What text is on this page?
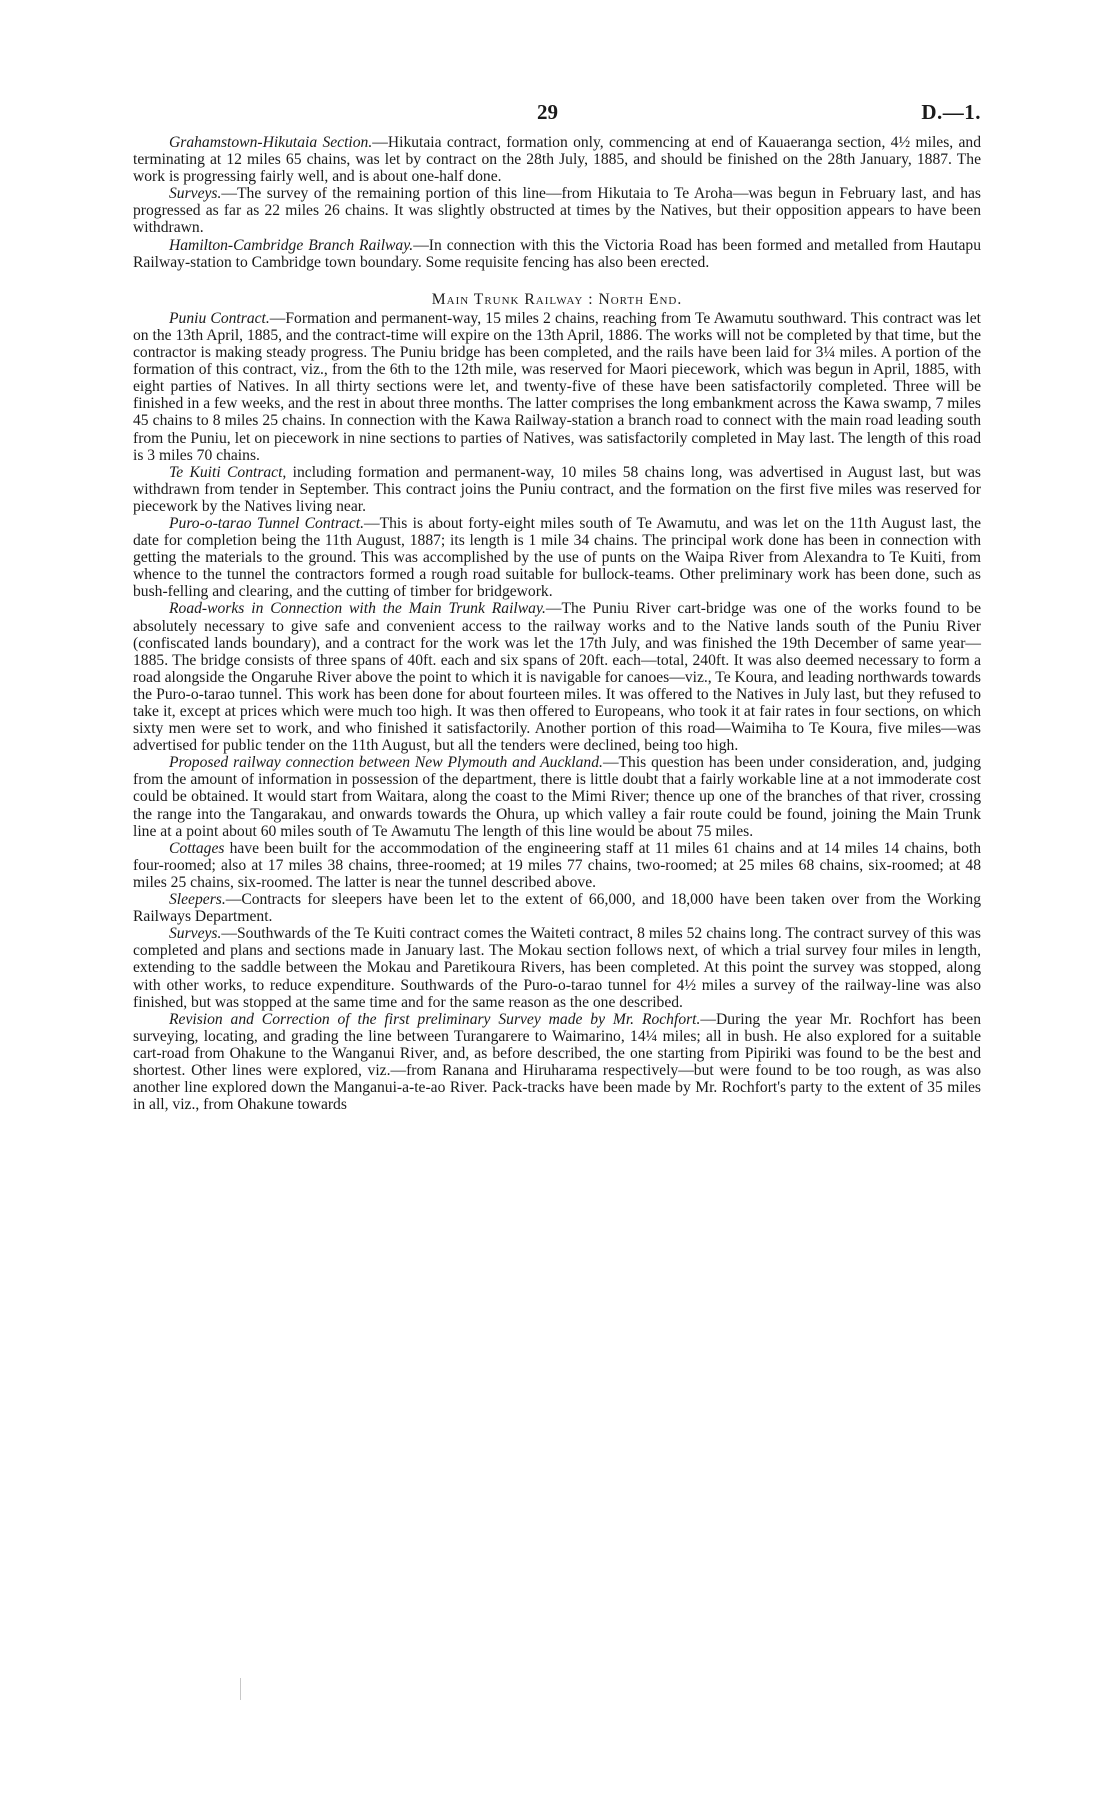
29	D.—1.

Grahamstown-Hikutaia Section.—Hikutaia contract, formation only, commencing at end of Kauaeranga section, 4½ miles, and terminating at 12 miles 65 chains, was let by contract on the 28th July, 1885, and should be finished on the 28th January, 1887. The work is progressing fairly well, and is about one-half done.

Surveys.—The survey of the remaining portion of this line—from Hikutaia to Te Aroha—was begun in February last, and has progressed as far as 22 miles 26 chains. It was slightly obstructed at times by the Natives, but their opposition appears to have been withdrawn.

Hamilton-Cambridge Branch Railway.—In connection with this the Victoria Road has been formed and metalled from Hautapu Railway-station to Cambridge town boundary. Some requisite fencing has also been erected.

Main Trunk Railway : North End.

Puniu Contract.—Formation and permanent-way, 15 miles 2 chains, reaching from Te Awamutu southward. This contract was let on the 13th April, 1885, and the contract-time will expire on the 13th April, 1886. The works will not be completed by that time, but the contractor is making steady progress. The Puniu bridge has been completed, and the rails have been laid for 3¼ miles. A portion of the formation of this contract, viz., from the 6th to the 12th mile, was reserved for Maori piecework, which was begun in April, 1885, with eight parties of Natives. In all thirty sections were let, and twenty-five of these have been satisfactorily completed. Three will be finished in a few weeks, and the rest in about three months. The latter comprises the long embankment across the Kawa swamp, 7 miles 45 chains to 8 miles 25 chains. In connection with the Kawa Railway-station a branch road to connect with the main road leading south from the Puniu, let on piecework in nine sections to parties of Natives, was satisfactorily completed in May last. The length of this road is 3 miles 70 chains.

Te Kuiti Contract, including formation and permanent-way, 10 miles 58 chains long, was advertised in August last, but was withdrawn from tender in September. This contract joins the Puniu contract, and the formation on the first five miles was reserved for piecework by the Natives living near.

Puro-o-tarao Tunnel Contract.—This is about forty-eight miles south of Te Awamutu, and was let on the 11th August last, the date for completion being the 11th August, 1887; its length is 1 mile 34 chains. The principal work done has been in connection with getting the materials to the ground. This was accomplished by the use of punts on the Waipa River from Alexandra to Te Kuiti, from whence to the tunnel the contractors formed a rough road suitable for bullock-teams. Other preliminary work has been done, such as bush-felling and clearing, and the cutting of timber for bridgework.

Road-works in Connection with the Main Trunk Railway.—The Puniu River cart-bridge was one of the works found to be absolutely necessary to give safe and convenient access to the railway works and to the Native lands south of the Puniu River (confiscated lands boundary), and a contract for the work was let the 17th July, and was finished the 19th December of same year—1885. The bridge consists of three spans of 40ft. each and six spans of 20ft. each—total, 240ft. It was also deemed necessary to form a road alongside the Ongaruhe River above the point to which it is navigable for canoes—viz., Te Koura, and leading northwards towards the Puro-o-tarao tunnel. This work has been done for about fourteen miles. It was offered to the Natives in July last, but they refused to take it, except at prices which were much too high. It was then offered to Europeans, who took it at fair rates in four sections, on which sixty men were set to work, and who finished it satisfactorily. Another portion of this road—Waimiha to Te Koura, five miles—was advertised for public tender on the 11th August, but all the tenders were declined, being too high.

Proposed railway connection between New Plymouth and Auckland.—This question has been under consideration, and, judging from the amount of information in possession of the department, there is little doubt that a fairly workable line at a not immoderate cost could be obtained. It would start from Waitara, along the coast to the Mimi River; thence up one of the branches of that river, crossing the range into the Tangarakau, and onwards towards the Ohura, up which valley a fair route could be found, joining the Main Trunk line at a point about 60 miles south of Te Awamutu The length of this line would be about 75 miles.

Cottages have been built for the accommodation of the engineering staff at 11 miles 61 chains and at 14 miles 14 chains, both four-roomed; also at 17 miles 38 chains, three-roomed; at 19 miles 77 chains, two-roomed; at 25 miles 68 chains, six-roomed; at 48 miles 25 chains, six-roomed. The latter is near the tunnel described above.

Sleepers.—Contracts for sleepers have been let to the extent of 66,000, and 18,000 have been taken over from the Working Railways Department.

Surveys.—Southwards of the Te Kuiti contract comes the Waiteti contract, 8 miles 52 chains long. The contract survey of this was completed and plans and sections made in January last. The Mokau section follows next, of which a trial survey four miles in length, extending to the saddle between the Mokau and Paretikoura Rivers, has been completed. At this point the survey was stopped, along with other works, to reduce expenditure. Southwards of the Puro-o-tarao tunnel for 4½ miles a survey of the railway-line was also finished, but was stopped at the same time and for the same reason as the one described.

Revision and Correction of the first preliminary Survey made by Mr. Rochfort.—During the year Mr. Rochfort has been surveying, locating, and grading the line between Turangarere to Waimarino, 14¼ miles; all in bush. He also explored for a suitable cart-road from Ohakune to the Wanganui River, and, as before described, the one starting from Pipiriki was found to be the best and shortest. Other lines were explored, viz.—from Ranana and Hiruharama respectively—but were found to be too rough, as was also another line explored down the Manganui-a-te-ao River. Pack-tracks have been made by Mr. Rochfort's party to the extent of 35 miles in all, viz., from Ohakune towards
